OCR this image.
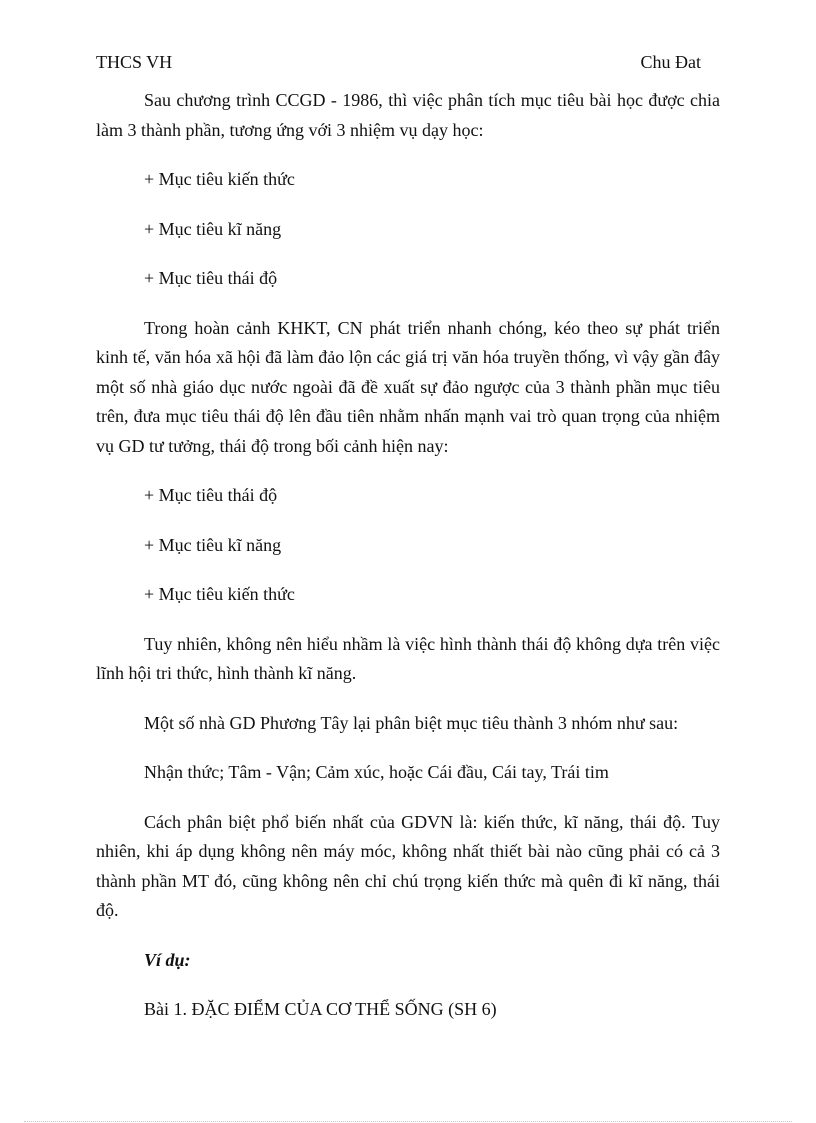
THCS VH	Chu Đat

Sau chương trình CCGD - 1986, thì việc phân tích mục tiêu bài học được chia làm 3 thành phần, tương ứng với 3 nhiệm vụ dạy học:

+ Mục tiêu kiến thức

+ Mục tiêu kĩ năng

+ Mục tiêu thái độ

Trong hoàn cảnh KHKT, CN phát triển nhanh chóng, kéo theo sự phát triển kinh tế, văn hóa xã hội đã làm đảo lộn các giá trị văn hóa truyền thống, vì vậy gần đây một số nhà giáo dục nước ngoài đã đề xuất sự đảo ngược của 3 thành phần mục tiêu trên, đưa mục tiêu thái độ lên đầu tiên nhằm nhấn mạnh vai trò quan trọng của nhiệm vụ GD tư tưởng, thái độ trong bối cảnh hiện nay:

+ Mục tiêu thái độ

+ Mục tiêu kĩ năng

+ Mục tiêu kiến thức

Tuy nhiên, không nên hiểu nhầm là việc hình thành thái độ không dựa trên việc lĩnh hội tri thức, hình thành kĩ năng.

Một số nhà GD Phương Tây lại phân biệt mục tiêu thành 3 nhóm như sau:

Nhận thức; Tâm - Vận; Cảm xúc, hoặc Cái đầu, Cái tay, Trái tim

Cách phân biệt phổ biến nhất của GDVN là: kiến thức, kĩ năng, thái độ. Tuy nhiên, khi áp dụng không nên máy móc, không nhất thiết bài nào cũng phải có cả 3 thành phần MT đó, cũng không nên chỉ chú trọng kiến thức mà quên đi kĩ năng, thái độ.

Ví dụ:

Bài 1. ĐẶC ĐIỂM CỦA CƠ THỂ SỐNG (SH 6)
